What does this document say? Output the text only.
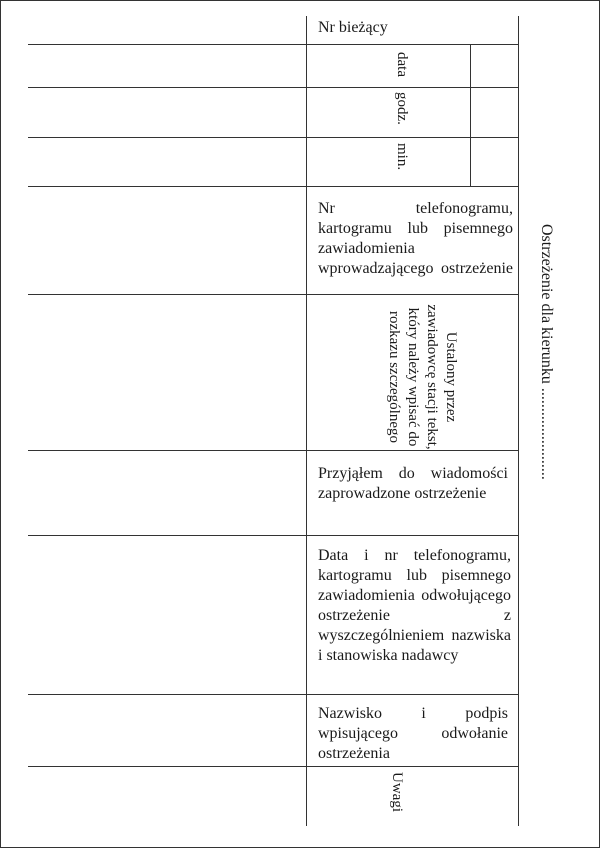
Nr bieżący
data
godz.
min.
Nr telefonogramu, kartogramu lub pisemnego zawiadomienia wprowadzającego ostrzeżenie
Ustalony przez zawiadowcę stacji tekst, który należy wpisać do rozkazu szczególnego
Przyjąłem do wiadomości zaprowadzone ostrzeżenie
Data i nr telefonogramu, kartogramu lub pisemnego zawiadomienia odwołującego ostrzeżenie z wyszczególnieniem nazwiska i stanowiska nadawcy
Nazwisko i podpis wpisującego odwołanie ostrzeżenia
Uwagi
Ostrzeżenie dla kierunku .......................
